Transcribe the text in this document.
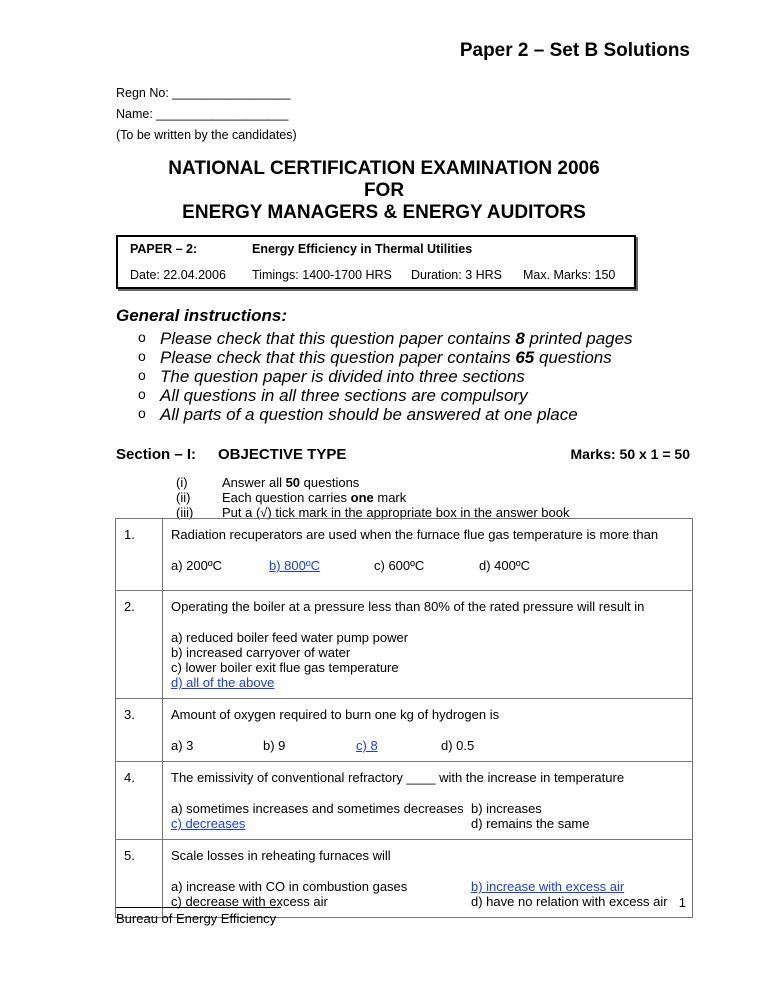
Paper 2 – Set B Solutions
Regn No: _________________
Name: ___________________
(To be written by the candidates)
NATIONAL CERTIFICATION EXAMINATION 2006
FOR
ENERGY MANAGERS & ENERGY AUDITORS
PAPER – 2:	Energy Efficiency in Thermal Utilities
Date: 22.04.2006 Timings: 1400-1700 HRS Duration: 3 HRS Max. Marks: 150
General instructions:
o Please check that this question paper contains 8 printed pages
o Please check that this question paper contains 65 questions
o The question paper is divided into three sections
o All questions in all three sections are compulsory
o All parts of a question should be answered at one place
Section – I: OBJECTIVE TYPE	Marks: 50 x 1 = 50
(i)	Answer all 50 questions
(ii) Each question carries one mark
(iii) Put a (√) tick mark in the appropriate box in the answer book
1.	Radiation recuperators are used when the furnace flue gas temperature is more than
a) 200ºC b) 800ºC c) 600ºC d) 400ºC

2.	Operating the boiler at a pressure less than 80% of the rated pressure will result in
a) reduced boiler feed water pump power
b) increased carryover of water
c) lower boiler exit flue gas temperature
d) all of the above

3.	Amount of oxygen required to burn one kg of hydrogen is
a) 3 b) 9 c) 8 d) 0.5

4.	The emissivity of conventional refractory ____ with the increase in temperature
a) sometimes increases and sometimes decreases b) increases
c) decreases d) remains the same

5.	Scale losses in reheating furnaces will
a) increase with CO in combustion gases b) increase with excess air
c) decrease with excess air d) have no relation with excess air
Bureau of Energy Efficiency
1
